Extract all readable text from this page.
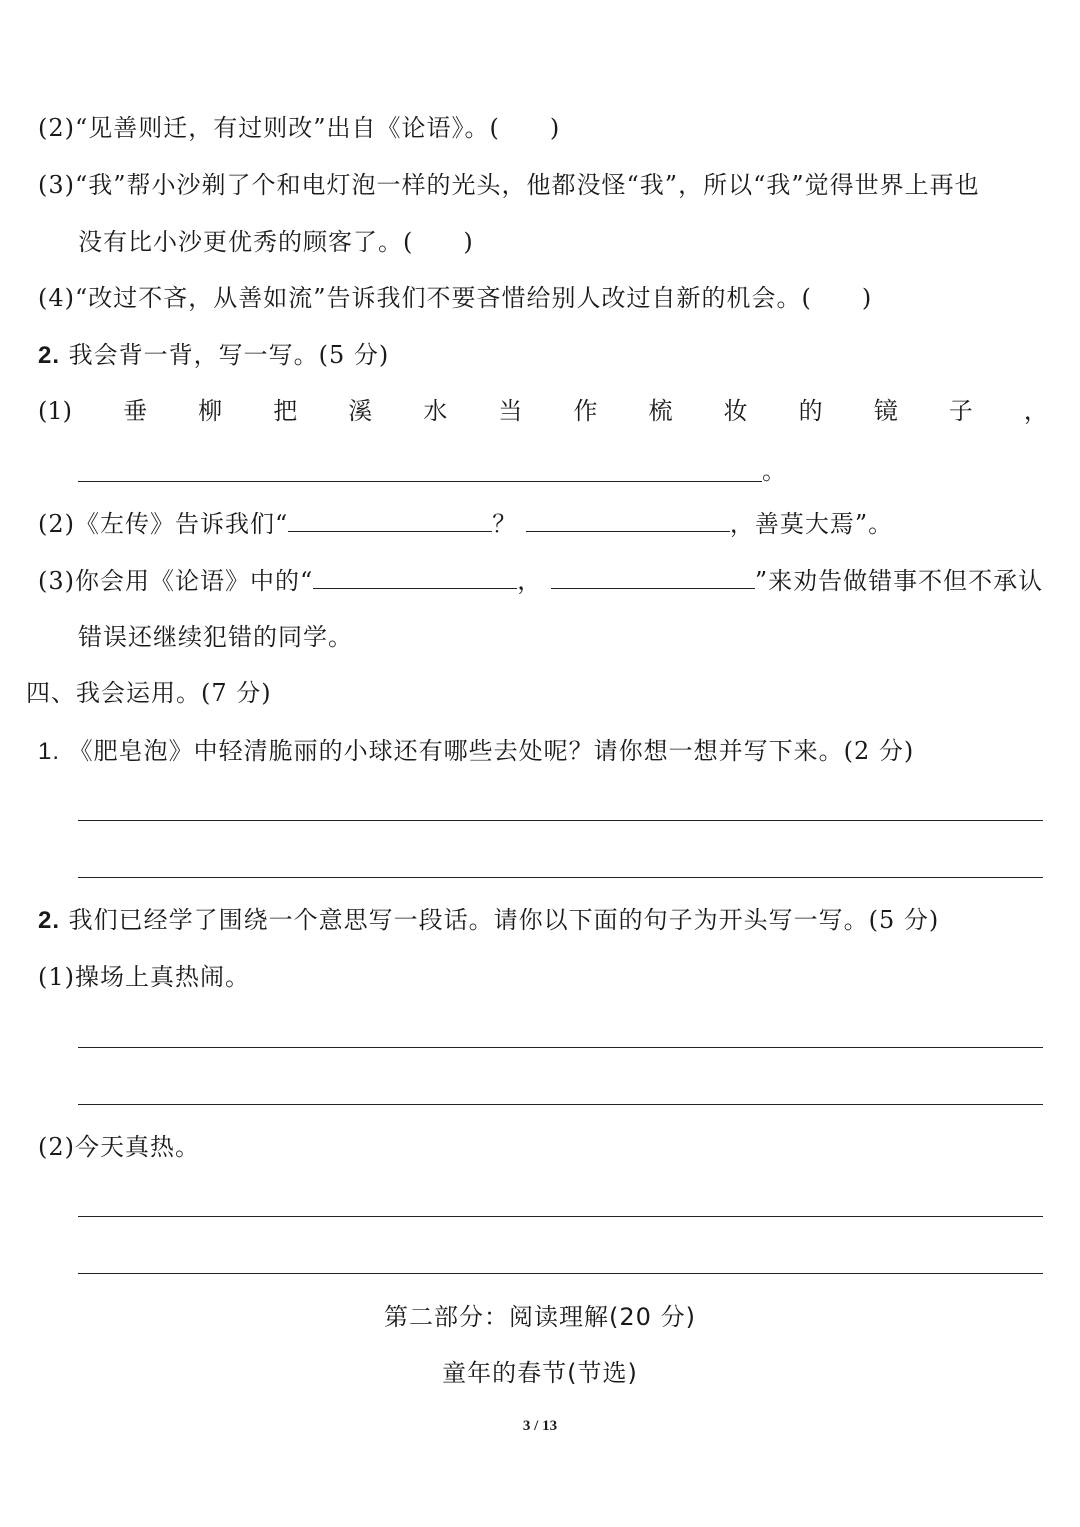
(2)“见善则迁，有过则改”出自《论语》。(　　)
(3)“我”帮小沙剃了个和电灯泡一样的光头，他都没怪“我”，所以“我”觉得世界上再也
没有比小沙更优秀的顾客了。(　　)
(4)“改过不吝，从善如流”告诉我们不要吝惜给别人改过自新的机会。(　　)
2. 我会背一背，写一写。(5 分)
(1) 垂 柳 把 溪 水 当 作 梳 妆 的 镜 子 ，
。
(2)《左传》告诉我们“	？	，善莫大焉”。
(3)你会用《论语》中的“	，	”来劝告做错事不但不承认
错误还继续犯错的同学。
四、我会运用。(7 分)
1. 《肥皂泡》中轻清脆丽的小球还有哪些去处呢？请你想一想并写下来。(2 分)
2. 我们已经学了围绕一个意思写一段话。请你以下面的句子为开头写一写。(5 分)
(1)操场上真热闹。
(2)今天真热。
第二部分：阅读理解(20 分)
童年的春节(节选)
3 / 13
